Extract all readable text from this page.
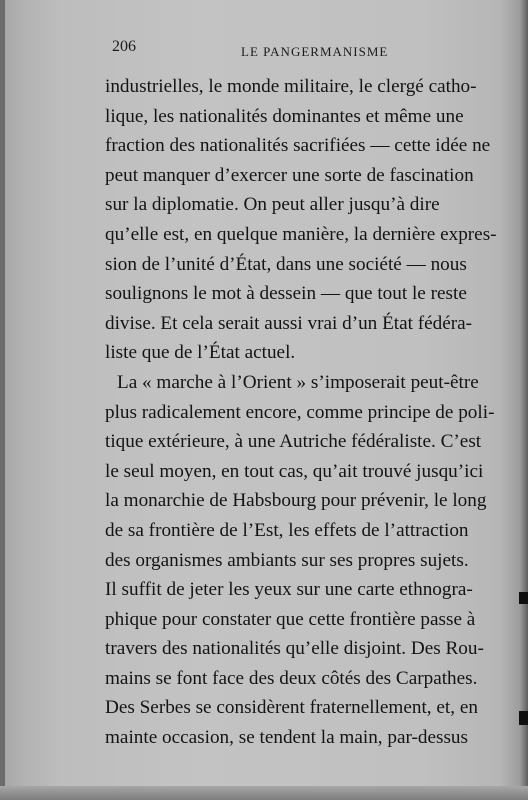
206	LE PANGERMANISME
industrielles, le monde militaire, le clergé catho-
lique, les nationalités dominantes et même une
fraction des nationalités sacrifiées — cette idée ne
peut manquer d’exercer une sorte de fascination
sur la diplomatie. On peut aller jusqu’à dire
qu’elle est, en quelque manière, la dernière expres-
sion de l’unité d’État, dans une société — nous
soulignons le mot à dessein — que tout le reste
divise. Et cela serait aussi vrai d’un État fédéra-
liste que de l’État actuel.
La « marche à l’Orient » s’imposerait peut-être
plus radicalement encore, comme principe de poli-
tique extérieure, à une Autriche fédéraliste. C’est
le seul moyen, en tout cas, qu’ait trouvé jusqu’ici
la monarchie de Habsbourg pour prévenir, le long
de sa frontière de l’Est, les effets de l’attraction
des organismes ambiants sur ses propres sujets.
Il suffit de jeter les yeux sur une carte ethnogra-
phique pour constater que cette frontière passe à
travers des nationalités qu’elle disjoint. Des Rou-
mains se font face des deux côtés des Carpathes.
Des Serbes se considèrent fraternellement, et, en
mainte occasion, se tendent la main, par-dessus
